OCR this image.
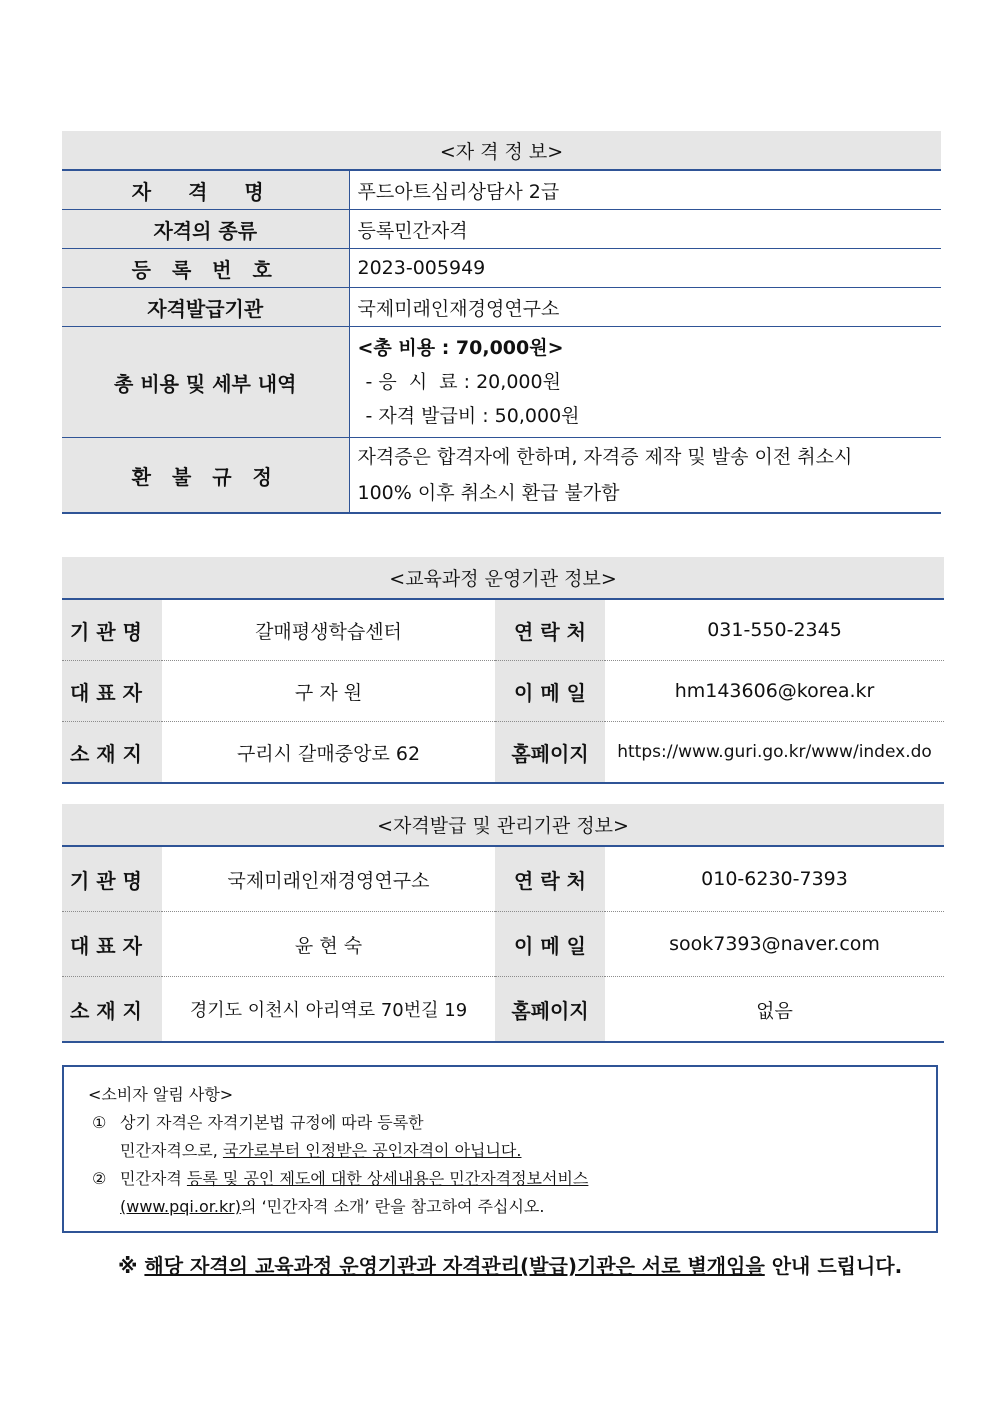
<자 격 정 보>	
자 격 명	푸드아트심리상담사 2급
자격의 종류	등록민간자격
등 록 번 호	2023-005949
자격발급기관	국제미래인재경영연구소
총 비용 및 세부 내역	<총 비용 : 70,000원>
- 응  시  료 : 20,000원
- 자격 발급비 : 50,000원

환 불 규 정	자격증은 합격자에 한하며, 자격증 제작 및 발송 이전 취소시
100% 이후 취소시 환급 불가함
<교육과정 운영기관 정보>			
기 관 명	갈매평생학습센터	연 락 처	031-550-2345
대 표 자	구 자 원	이 메 일	hm143606@korea.kr
소 재 지	구리시 갈매중앙로 62	홈페이지	https://www.guri.go.kr/www/index.do
<자격발급 및 관리기관 정보>			
기 관 명	국제미래인재경영연구소	연 락 처	010-6230-7393
대 표 자	윤 현 숙	이 메 일	sook7393@naver.com
소 재 지	경기도 이천시 아리역로 70번길 19	홈페이지	없음
<소비자 알림 사항>
① 상기 자격은 자격기본법 규정에 따라 등록한
민간자격으로, 국가로부터 인정받은 공인자격이 아닙니다.
② 민간자격 등록 및 공인 제도에 대한 상세내용은 민간자격정보서비스
(www.pqi.or.kr)의 ‘민간자격 소개’ 란을 참고하여 주십시오.
※ 해당 자격의 교육과정 운영기관과 자격관리(발급)기관은 서로 별개임을 안내 드립니다.
